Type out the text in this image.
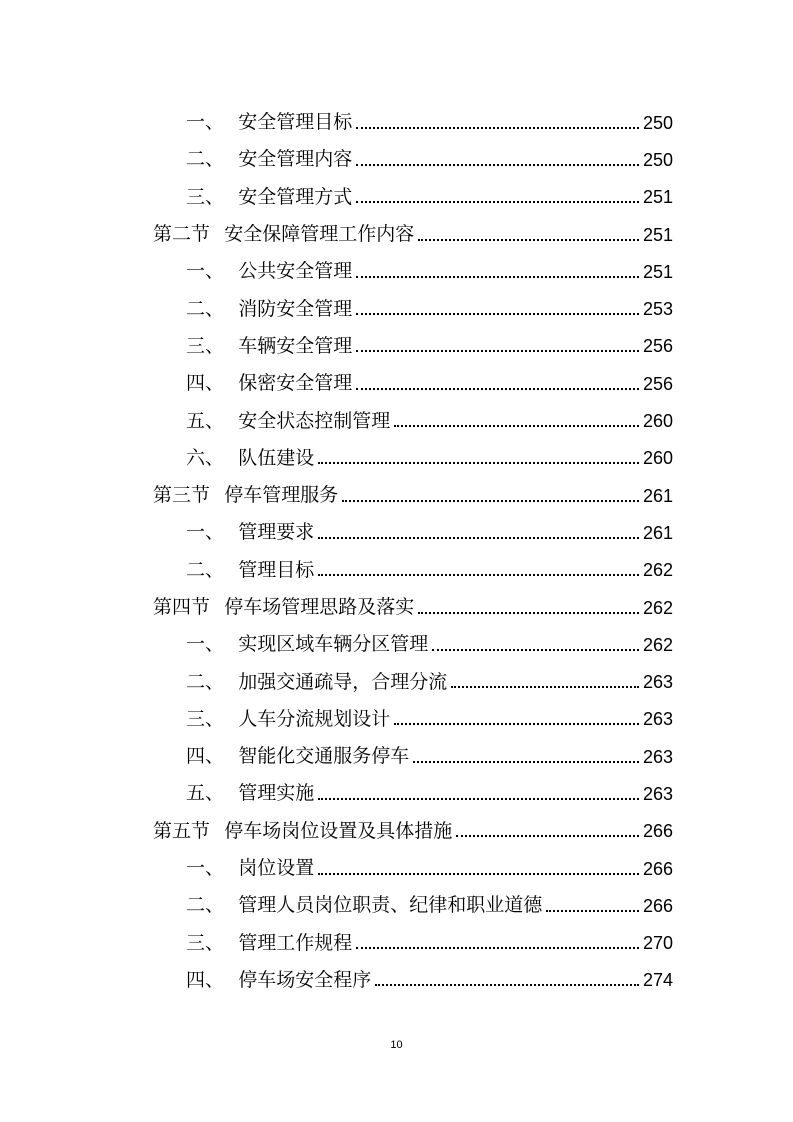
一、 安全管理目标	250
二、 安全管理内容	250
三、 安全管理方式	251
第二节 安全保障管理工作内容	251
一、 公共安全管理	251
二、 消防安全管理	253
三、 车辆安全管理	256
四、 保密安全管理	256
五、 安全状态控制管理	260
六、 队伍建设	260
第三节 停车管理服务	261
一、 管理要求	261
二、 管理目标	262
第四节 停车场管理思路及落实	262
一、 实现区域车辆分区管理	262
二、 加强交通疏导，合理分流	263
三、 人车分流规划设计	263
四、 智能化交通服务停车	263
五、 管理实施	263
第五节 停车场岗位设置及具体措施	266
一、 岗位设置	266
二、 管理人员岗位职责、纪律和职业道德	266
三、 管理工作规程	270
四、 停车场安全程序	274
10
